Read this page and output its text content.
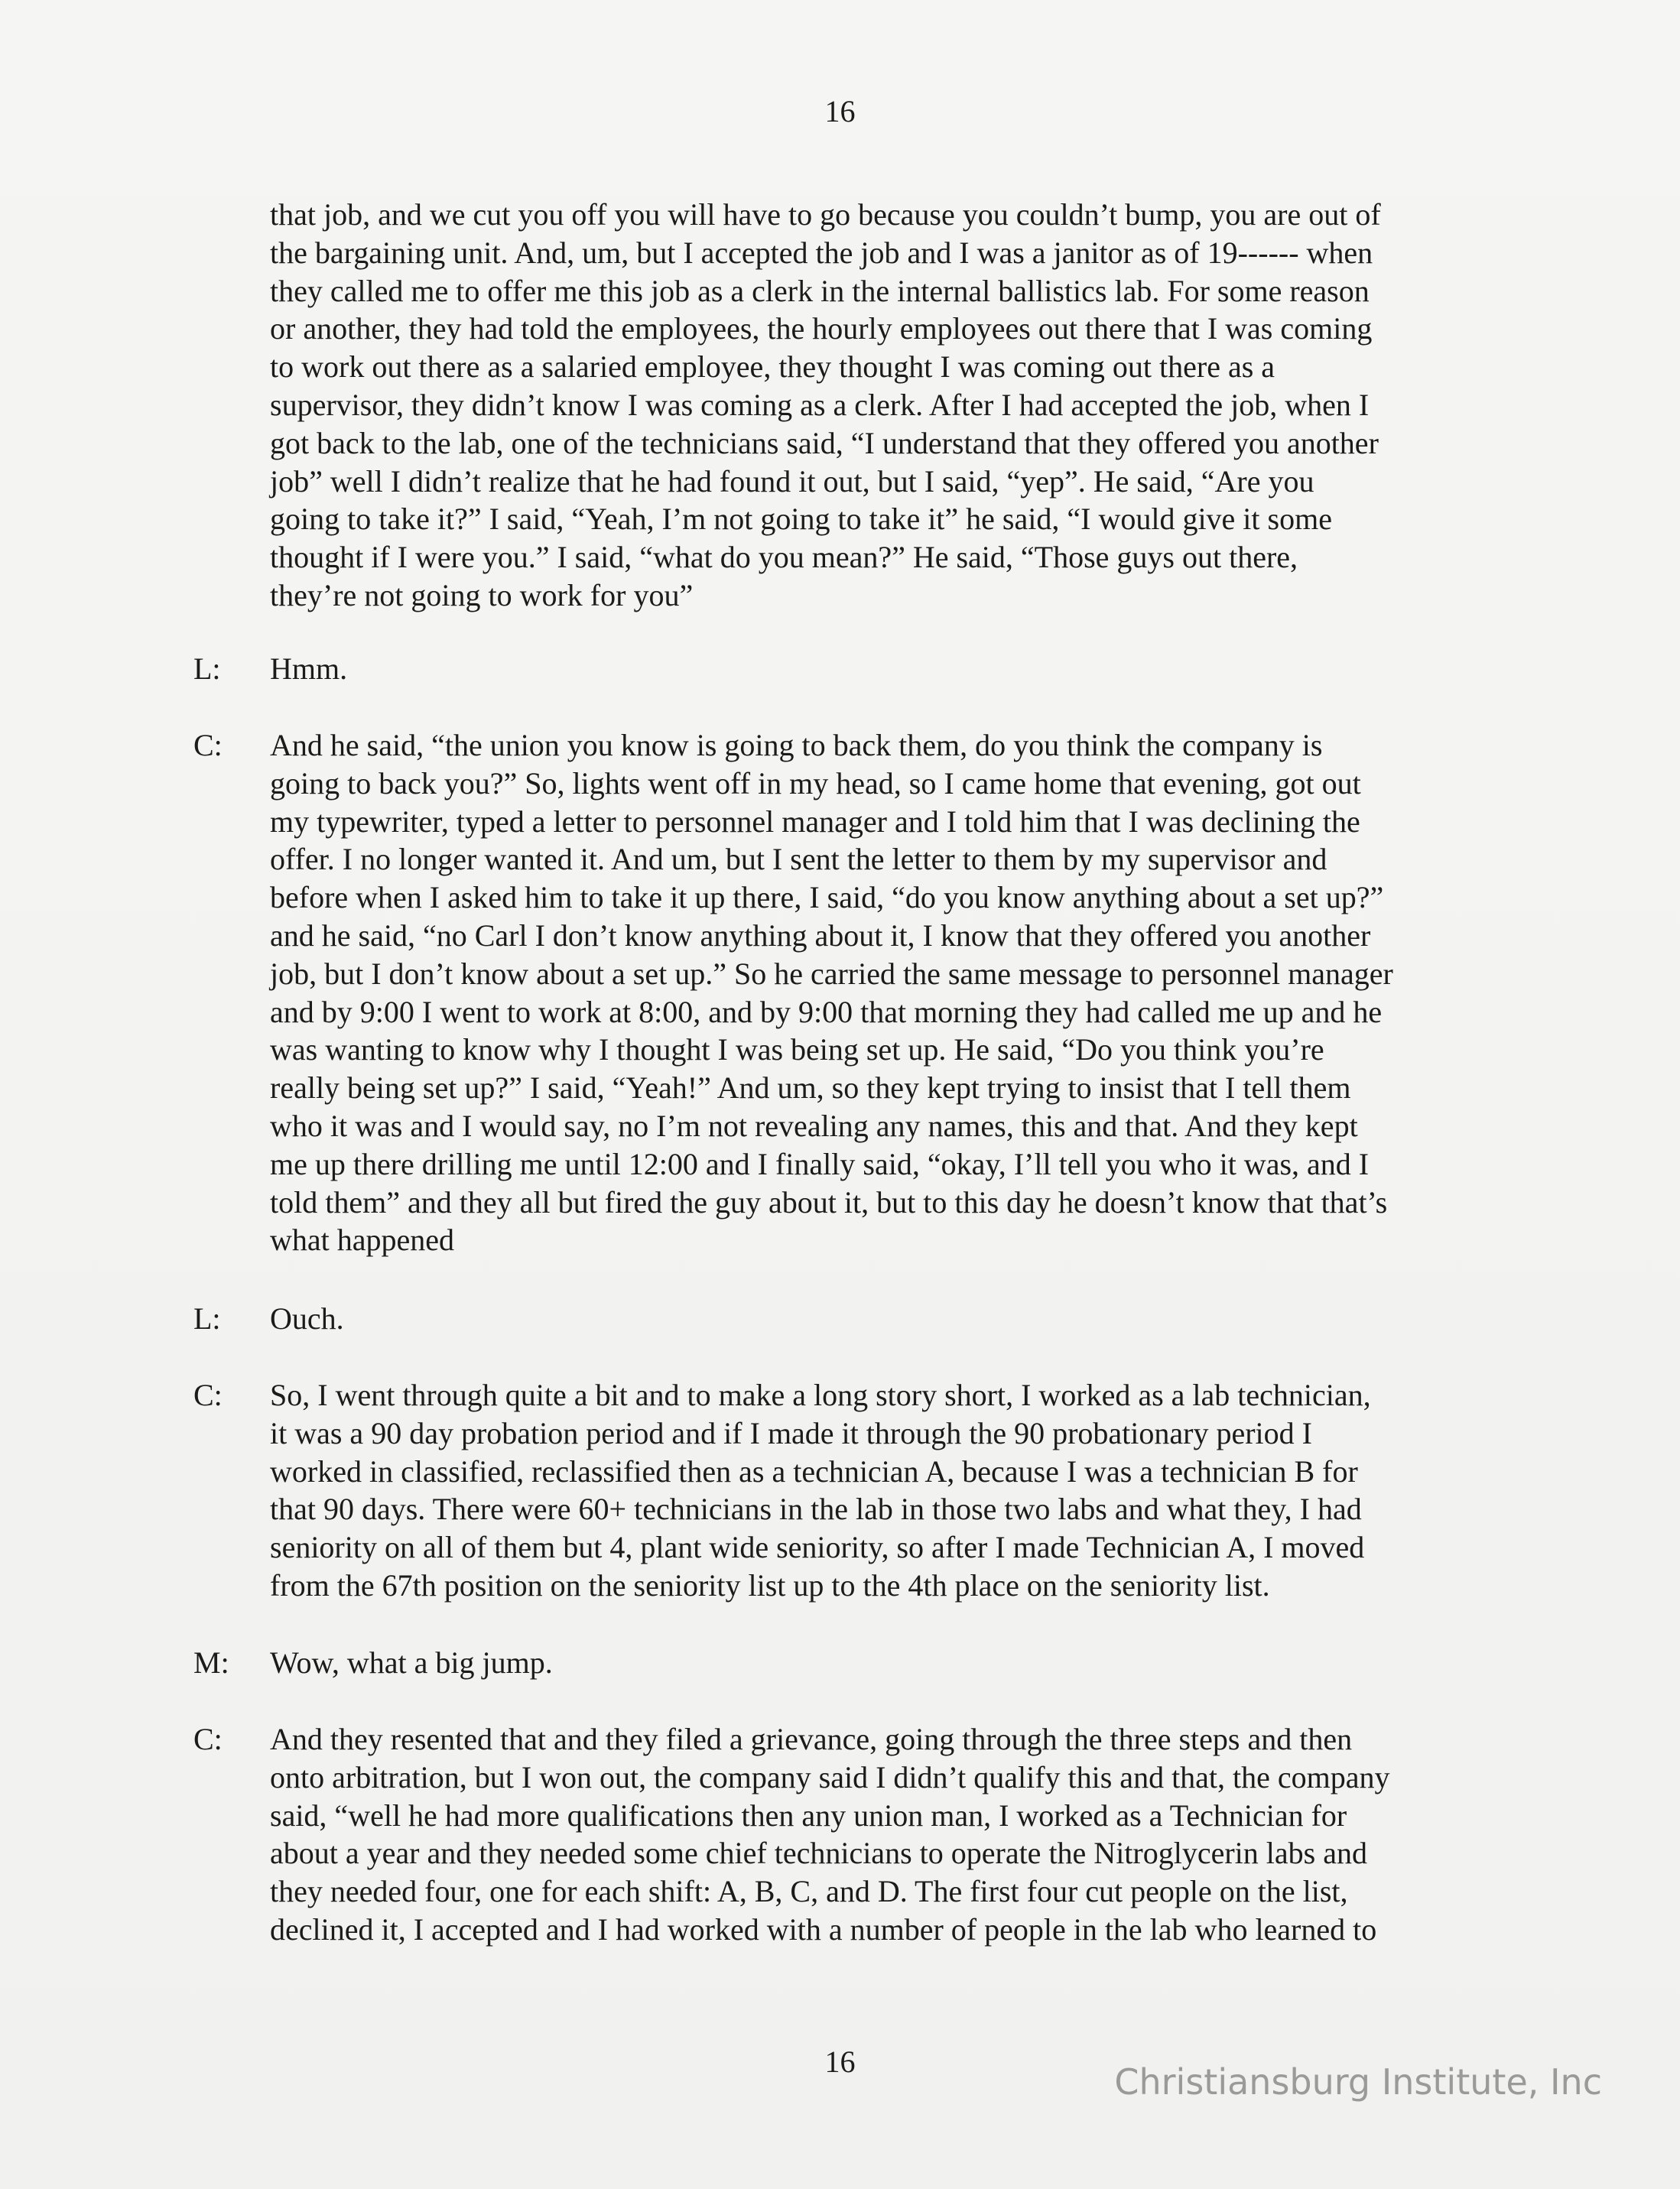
16
that job, and we cut you off you will have to go because you couldn’t bump, you are out of
the bargaining unit. And, um, but I accepted the job and I was a janitor as of 19------ when
they called me to offer me this job as a clerk in the internal ballistics lab. For some reason
or another, they had told the employees, the hourly employees out there that I was coming
to work out there as a salaried employee, they thought I was coming out there as a
supervisor, they didn’t know I was coming as a clerk. After I had accepted the job, when I
got back to the lab, one of the technicians said, “I understand that they offered you another
job” well I didn’t realize that he had found it out, but I said, “yep”. He said, “Are you
going to take it?” I said, “Yeah, I’m not going to take it” he said, “I would give it some
thought if I were you.” I said, “what do you mean?” He said, “Those guys out there,
they’re not going to work for you”
L:	Hmm.
C:	And he said, “the union you know is going to back them, do you think the company is
going to back you?” So, lights went off in my head, so I came home that evening, got out
my typewriter, typed a letter to personnel manager and I told him that I was declining the
offer. I no longer wanted it. And um, but I sent the letter to them by my supervisor and
before when I asked him to take it up there, I said, “do you know anything about a set up?”
and he said, “no Carl I don’t know anything about it, I know that they offered you another
job, but I don’t know about a set up.” So he carried the same message to personnel manager
and by 9:00 I went to work at 8:00, and by 9:00 that morning they had called me up and he
was wanting to know why I thought I was being set up. He said, “Do you think you’re
really being set up?” I said, “Yeah!” And um, so they kept trying to insist that I tell them
who it was and I would say, no I’m not revealing any names, this and that. And they kept
me up there drilling me until 12:00 and I finally said, “okay, I’ll tell you who it was, and I
told them” and they all but fired the guy about it, but to this day he doesn’t know that that’s
what happened
L:	Ouch.
C:	So, I went through quite a bit and to make a long story short, I worked as a lab technician,
it was a 90 day probation period and if I made it through the 90 probationary period I
worked in classified, reclassified then as a technician A, because I was a technician B for
that 90 days. There were 60+ technicians in the lab in those two labs and what they, I had
seniority on all of them but 4, plant wide seniority, so after I made Technician A, I moved
from the 67th position on the seniority list up to the 4th place on the seniority list.
M:	Wow, what a big jump.
C:	And they resented that and they filed a grievance, going through the three steps and then
onto arbitration, but I won out, the company said I didn’t qualify this and that, the company
said, “well he had more qualifications then any union man, I worked as a Technician for
about a year and they needed some chief technicians to operate the Nitroglycerin labs and
they needed four, one for each shift: A, B, C, and D. The first four cut people on the list,
declined it, I accepted and I had worked with a number of people in the lab who learned to
16	Christiansburg Institute, Inc
